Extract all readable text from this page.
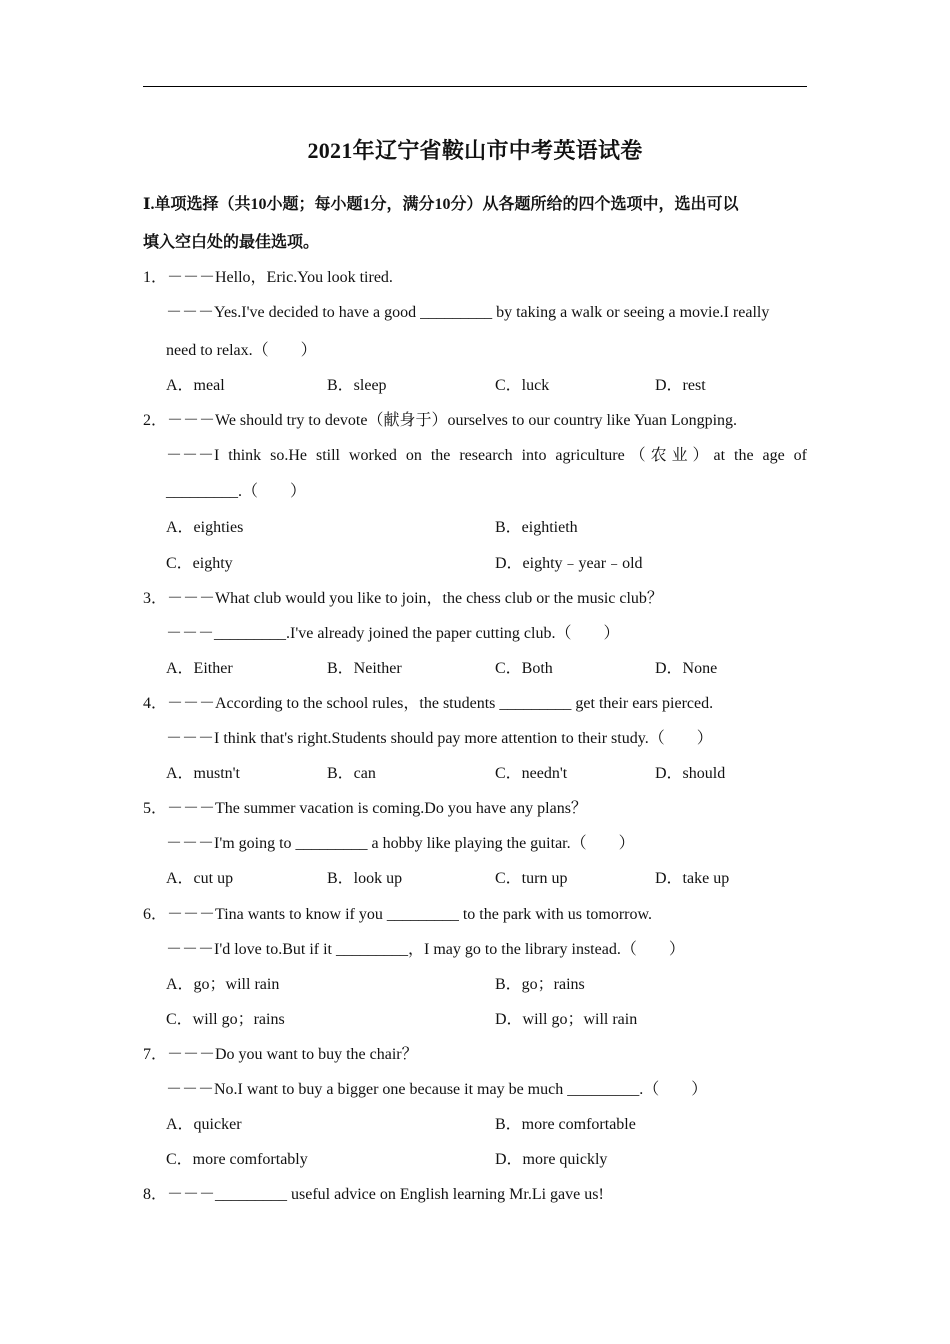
2021年辽宁省鞍山市中考英语试卷
Ⅰ.单项选择（共10小题；每小题1分，满分10分）从各题所给的四个选项中，选出可以
填入空白处的最佳选项。
1．－－－Hello，Eric.You look tired.
－－－Yes.I've decided to have a good _________ by taking a walk or seeing a movie.I really
need to relax.（　　）
A．meal	B．sleep	C．luck	D．rest
2．－－－We should try to devote（献身于）ourselves to our country like Yuan Longping.
－－－I think so.He still worked on the research into agriculture（农业）at the age of
_________.（　　）
A．eighties	B．eightieth
C．eighty	D．eighty﹣year﹣old
3．－－－What club would you like to join，the chess club or the music club？
－－－_________.I've already joined the paper cutting club.（　　）
A．Either	B．Neither	C．Both	D．None
4．－－－According to the school rules，the students _________ get their ears pierced.
－－－I think that's right.Students should pay more attention to their study.（　　）
A．mustn't	B．can	C．needn't	D．should
5．－－－The summer vacation is coming.Do you have any plans？
－－－I'm going to _________ a hobby like playing the guitar.（　　）
A．cut up	B．look up	C．turn up	D．take up
6．－－－Tina wants to know if you _________ to the park with us tomorrow.
－－－I'd love to.But if it _________，I may go to the library instead.（　　）
A．go；will rain	B．go；rains
C．will go；rains	D．will go；will rain
7．－－－Do you want to buy the chair？
－－－No.I want to buy a bigger one because it may be much _________.（　　）
A．quicker	B．more comfortable
C．more comfortably	D．more quickly
8．－－－_________ useful advice on English learning Mr.Li gave us!
